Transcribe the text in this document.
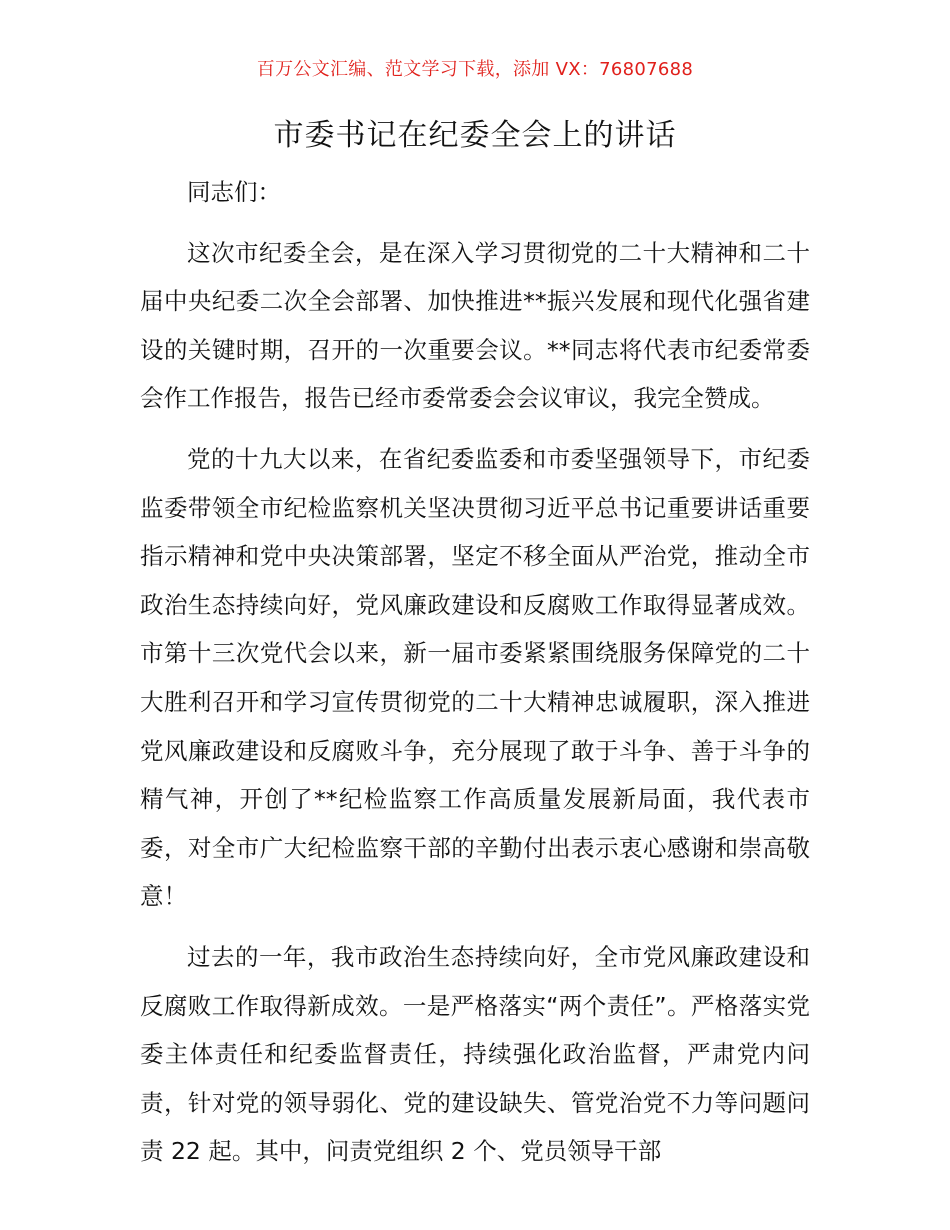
百万公文汇编、范文学习下载，添加 VX：76807688
市委书记在纪委全会上的讲话

同志们：

这次市纪委全会，是在深入学习贯彻党的二十大精神和二十届中央纪委二次全会部署、加快推进**振兴发展和现代化强省建设的关键时期，召开的一次重要会议。**同志将代表市纪委常委会作工作报告，报告已经市委常委会会议审议，我完全赞成。

党的十九大以来，在省纪委监委和市委坚强领导下，市纪委监委带领全市纪检监察机关坚决贯彻习近平总书记重要讲话重要指示精神和党中央决策部署，坚定不移全面从严治党，推动全市政治生态持续向好，党风廉政建设和反腐败工作取得显著成效。市第十三次党代会以来，新一届市委紧紧围绕服务保障党的二十大胜利召开和学习宣传贯彻党的二十大精神忠诚履职，深入推进党风廉政建设和反腐败斗争，充分展现了敢于斗争、善于斗争的精气神，开创了**纪检监察工作高质量发展新局面，我代表市委，对全市广大纪检监察干部的辛勤付出表示衷心感谢和崇高敬意！

过去的一年，我市政治生态持续向好，全市党风廉政建设和反腐败工作取得新成效。一是严格落实“两个责任”。严格落实党委主体责任和纪委监督责任，持续强化政治监督，严肃党内问责，针对党的领导弱化、党的建设缺失、管党治党不力等问题问责 22 起。其中，问责党组织 2 个、党员领导干部
